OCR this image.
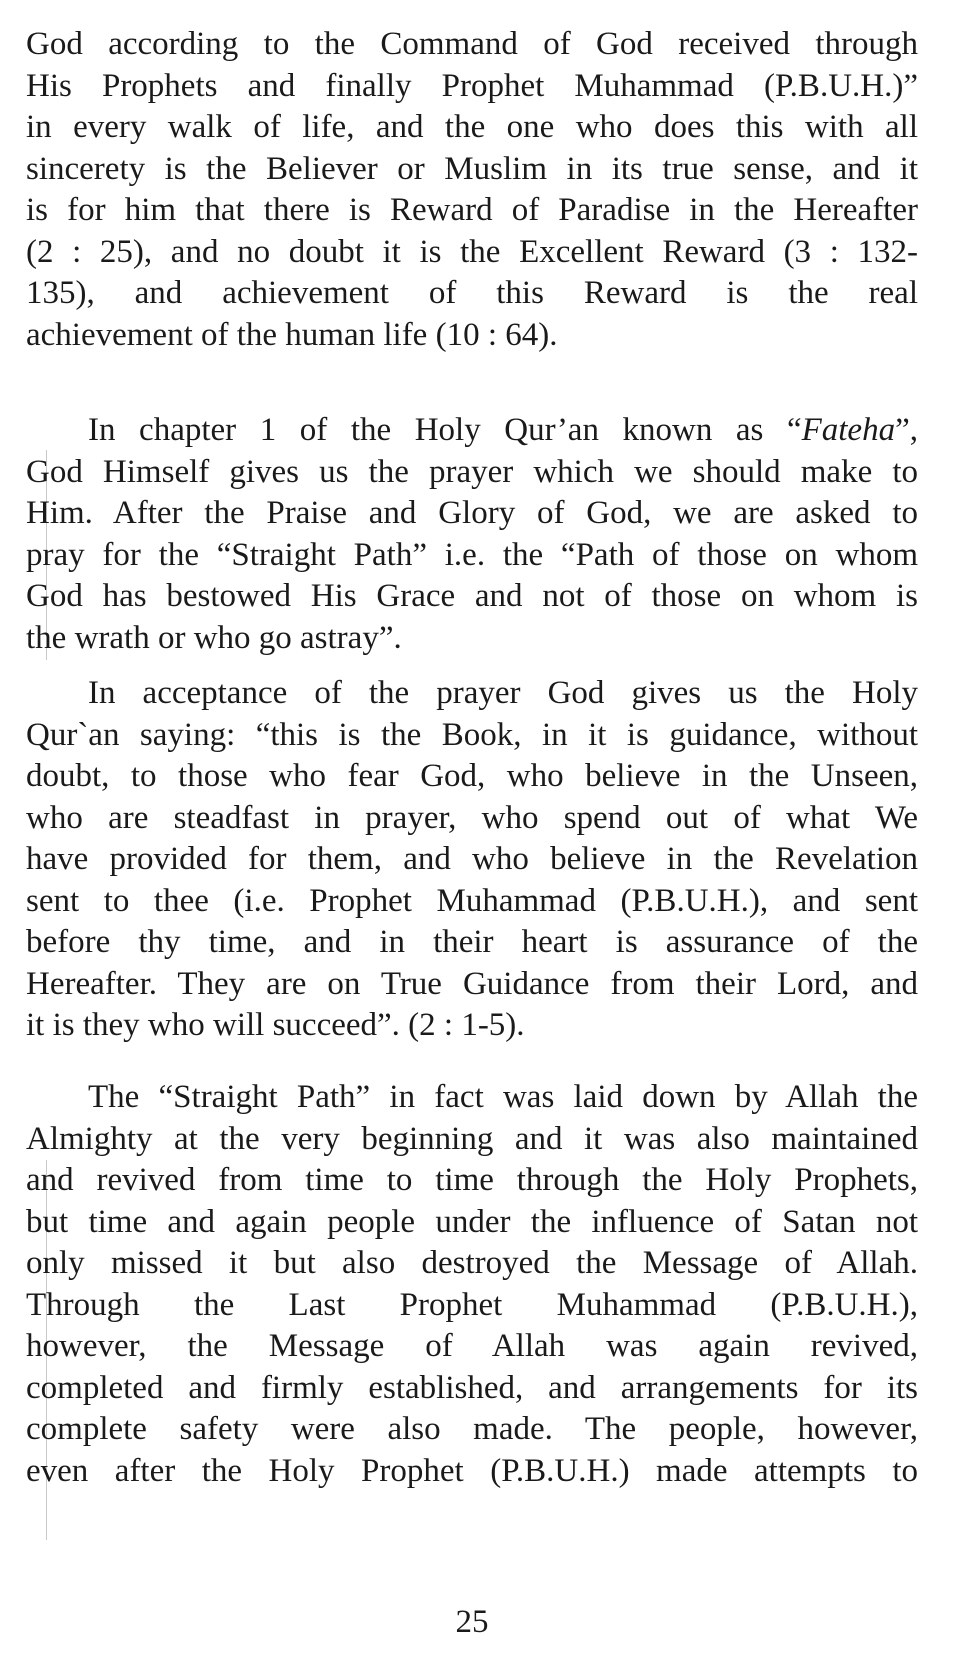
God according to the Command of God received through
His Prophets and finally Prophet Muhammad (P.B.U.H.)”
in every walk of life, and the one who does this with all
sincerety is the Believer or Muslim in its true sense, and it
is for him that there is Reward of Paradise in the Hereafter
(2 : 25), and no doubt it is the Excellent Reward (3 : 132-
135), and achievement of this Reward is the real
achievement of the human life (10 : 64).

In chapter 1 of the Holy Qur’an known as “Fateha”,
God Himself gives us the prayer which we should make to
Him. After the Praise and Glory of God, we are asked to
pray for the “Straight Path” i.e. the “Path of those on whom
God has bestowed His Grace and not of those on whom is
the wrath or who go astray”.

In acceptance of the prayer God gives us the Holy
Qur`an saying: “this is the Book, in it is guidance, without
doubt, to those who fear God, who believe in the Unseen,
who are steadfast in prayer, who spend out of what We
have provided for them, and who believe in the Revelation
sent to thee (i.e. Prophet Muhammad (P.B.U.H.), and sent
before thy time, and in their heart is assurance of the
Hereafter. They are on True Guidance from their Lord, and
it is they who will succeed”. (2 : 1-5).

The “Straight Path” in fact was laid down by Allah the
Almighty at the very beginning and it was also maintained
and revived from time to time through the Holy Prophets,
but time and again people under the influence of Satan not
only missed it but also destroyed the Message of Allah.
Through the Last Prophet Muhammad (P.B.U.H.),
however, the Message of Allah was again revived,
completed and firmly established, and arrangements for its
complete safety were also made. The people, however,
even after the Holy Prophet (P.B.U.H.) made attempts to

25
